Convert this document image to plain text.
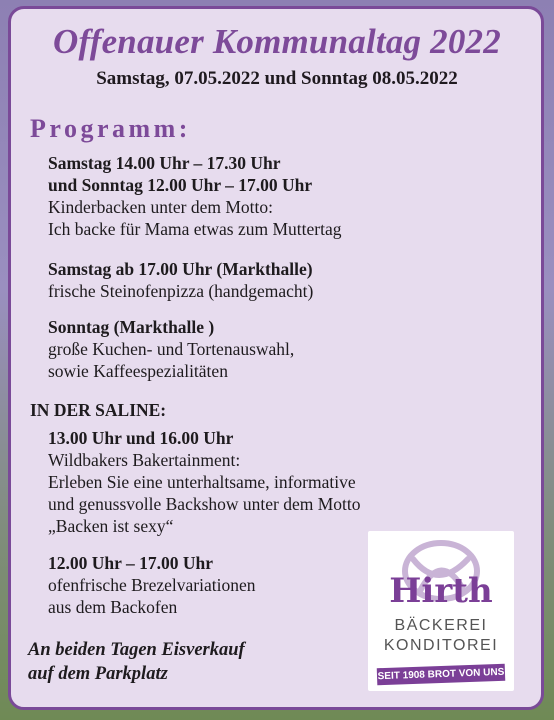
Offenauer Kommunaltag 2022
Samstag, 07.05.2022 und Sonntag 08.05.2022
Programm:
Samstag 14.00 Uhr – 17.30 Uhr
und Sonntag 12.00 Uhr – 17.00 Uhr
Kinderbacken unter dem Motto:
Ich backe für Mama etwas zum Muttertag
Samstag ab 17.00 Uhr (Markthalle)
frische Steinofenpizza (handgemacht)
Sonntag (Markthalle )
große Kuchen- und Tortenauswahl,
sowie Kaffeespezialitäten
IN DER SALINE:
13.00 Uhr und 16.00 Uhr
Wildbakers Bakertainment:
Erleben Sie eine unterhaltsame, informative
und genussvolle Backshow unter dem Motto
„Backen ist sexy“
12.00 Uhr – 17.00 Uhr
ofenfrische Brezelvariationen
aus dem Backofen
An beiden Tagen Eisverkauf
auf dem Parkplatz
Hirth
BÄCKEREI
KONDITOREI
SEIT 1908 BROT VON UNS
